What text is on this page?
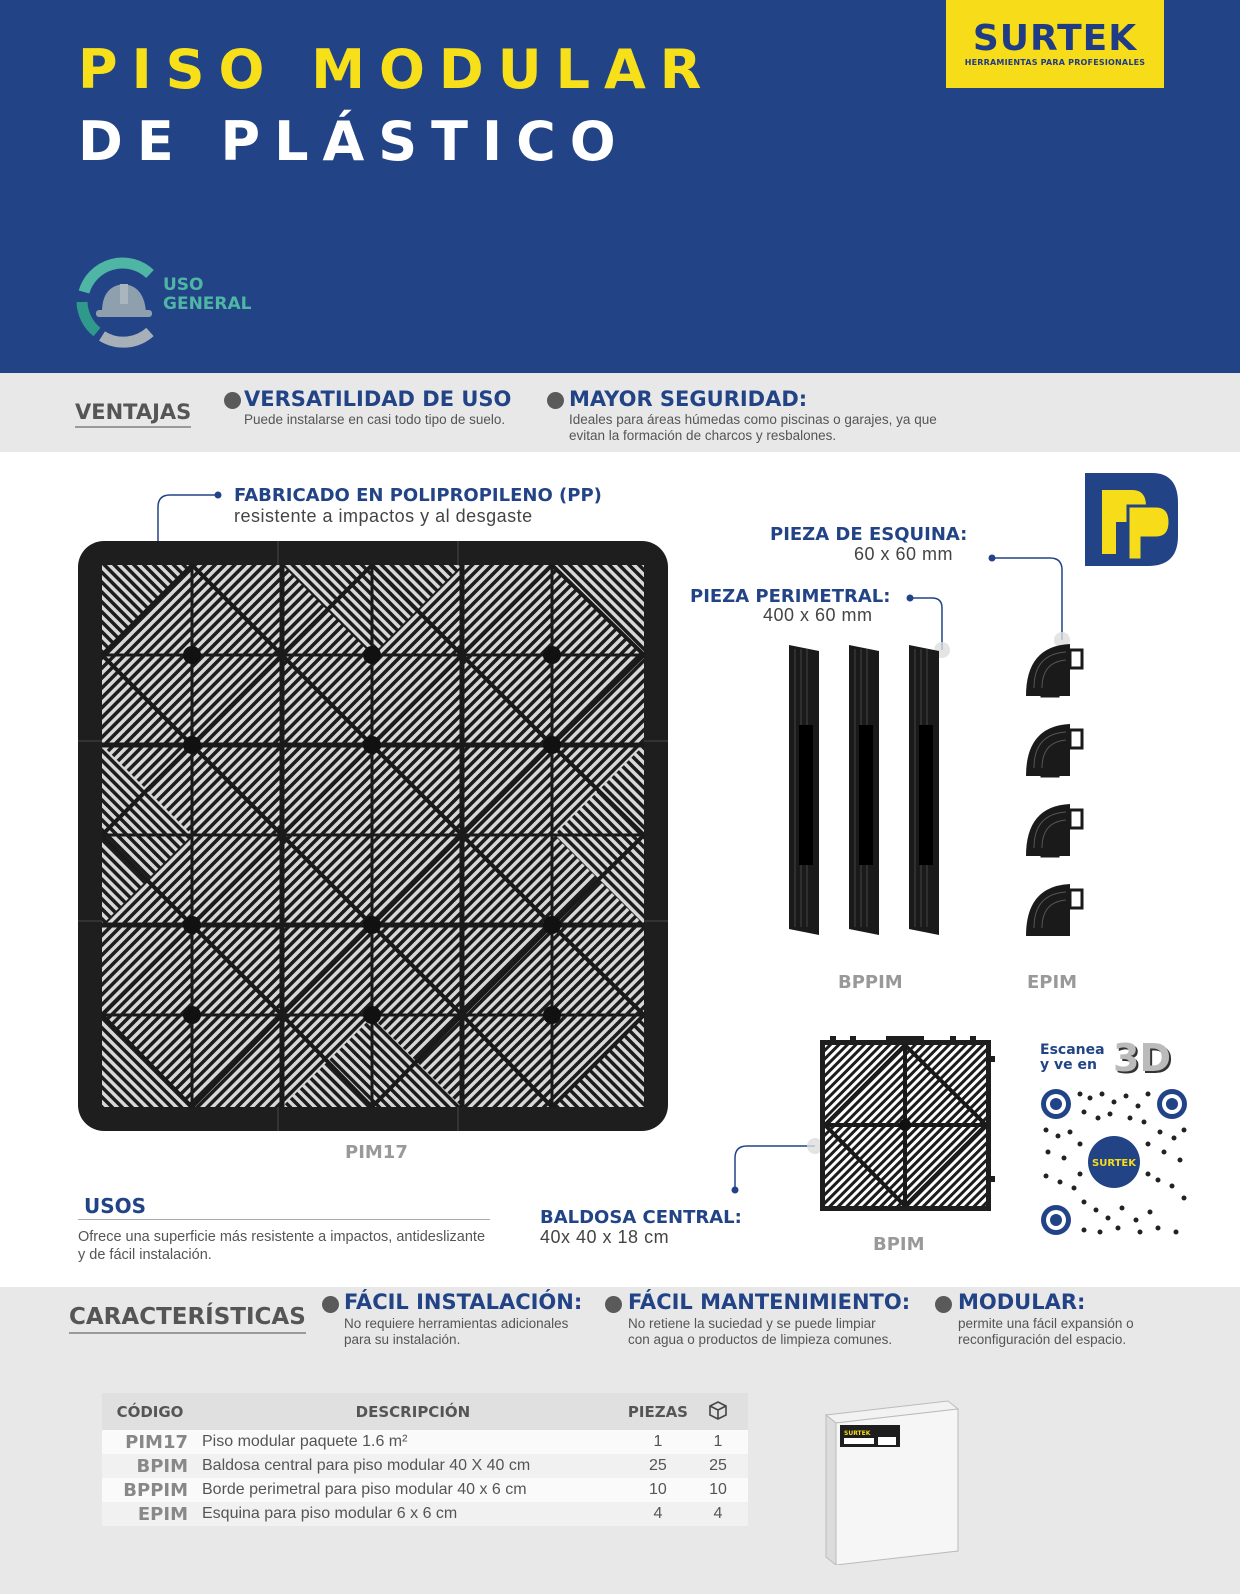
PISO MODULAR
DE PLÁSTICO
SURTEK
HERRAMIENTAS PARA PROFESIONALES
USO
GENERAL
VENTAJAS
VERSATILIDAD DE USO
Puede instalarse en casi todo tipo de suelo.
MAYOR SEGURIDAD:
Ideales para áreas húmedas como piscinas o garajes, ya que
evitan la formación de charcos y resbalones.
FABRICADO EN POLIPROPILENO (PP)
resistente a impactos y al desgaste
PIEZA DE ESQUINA:
60 x 60 mm
PIEZA PERIMETRAL:
400 x 60 mm
PIM17
BPPIM	EPIM
BPIM
BALDOSA CENTRAL:
40x 40 x 18 cm
USOS
Ofrece una superficie más resistente a impactos, antideslizante
y de fácil instalación.
Escanea
y ve en 3D
SURTEK
CARACTERÍSTICAS
FÁCIL INSTALACIÓN:
No requiere herramientas adicionales
para su instalación.
FÁCIL MANTENIMIENTO:
No retiene la suciedad y se puede limpiar
con agua o productos de limpieza comunes.
MODULAR:
permite una fácil expansión o
reconfiguración del espacio.
CÓDIGO	DESCRIPCIÓN	PIEZAS	
PIM17	Piso modular paquete 1.6 m²	1	1
BPIM	Baldosa central para piso modular 40 X 40 cm	25	25
BPPIM	Borde perimetral para piso modular 40 x 6 cm	10	10
EPIM	Esquina para piso modular 6 x 6 cm	4	4
SURTEK
